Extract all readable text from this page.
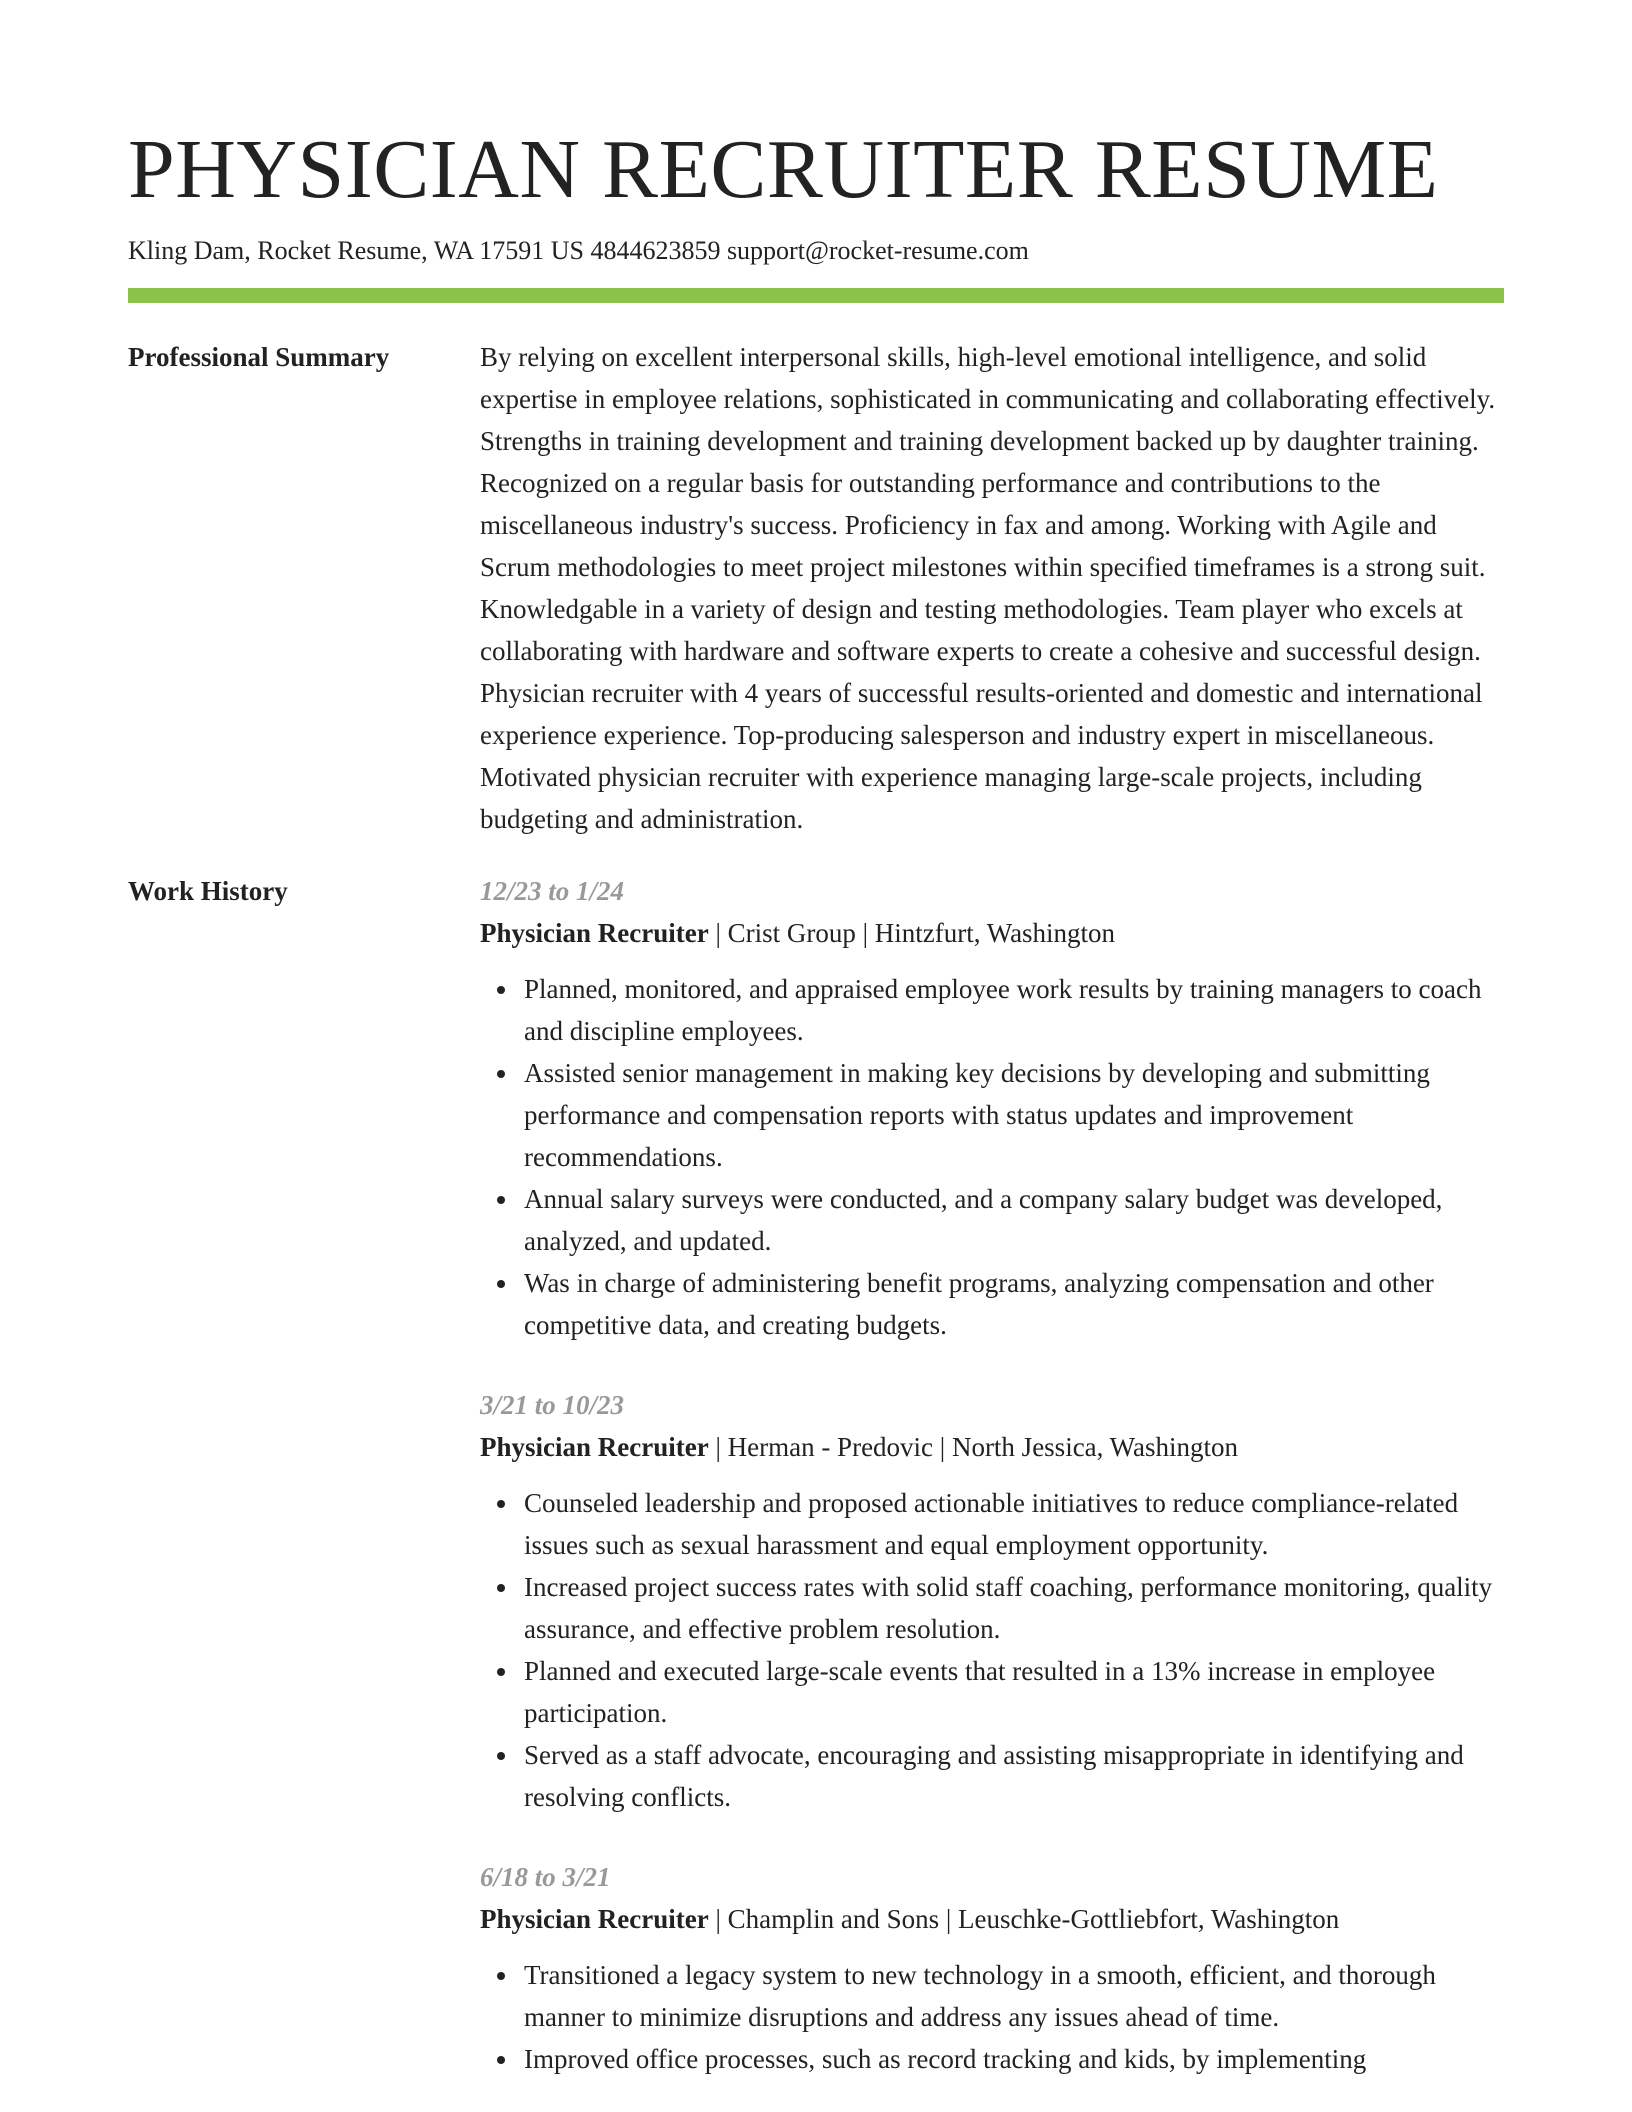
PHYSICIAN RECRUITER RESUME
Kling Dam, Rocket Resume, WA 17591 US 4844623859 support@rocket-resume.com
Professional Summary	By relying on excellent interpersonal skills, high-level emotional intelligence, and solid expertise in employee relations, sophisticated in communicating and collaborating effectively. Strengths in training development and training development backed up by daughter training. Recognized on a regular basis for outstanding performance and contributions to the miscellaneous industry's success. Proficiency in fax and among. Working with Agile and Scrum methodologies to meet project milestones within specified timeframes is a strong suit. Knowledgable in a variety of design and testing methodologies. Team player who excels at collaborating with hardware and software experts to create a cohesive and successful design. Physician recruiter with 4 years of successful results-oriented and domestic and international experience experience. Top-producing salesperson and industry expert in miscellaneous. Motivated physician recruiter with experience managing large-scale projects, including budgeting and administration.
Work History	12/23 to 1/24
Physician Recruiter | Crist Group | Hintzfurt, Washington
Planned, monitored, and appraised employee work results by training managers to coach and discipline employees.
Assisted senior management in making key decisions by developing and submitting performance and compensation reports with status updates and improvement recommendations.
Annual salary surveys were conducted, and a company salary budget was developed, analyzed, and updated.
Was in charge of administering benefit programs, analyzing compensation and other competitive data, and creating budgets.
3/21 to 10/23
Physician Recruiter | Herman - Predovic | North Jessica, Washington
Counseled leadership and proposed actionable initiatives to reduce compliance-related issues such as sexual harassment and equal employment opportunity.
Increased project success rates with solid staff coaching, performance monitoring, quality assurance, and effective problem resolution.
Planned and executed large-scale events that resulted in a 13% increase in employee participation.
Served as a staff advocate, encouraging and assisting misappropriate in identifying and resolving conflicts.
6/18 to 3/21
Physician Recruiter | Champlin and Sons | Leuschke-Gottliebfort, Washington
Transitioned a legacy system to new technology in a smooth, efficient, and thorough manner to minimize disruptions and address any issues ahead of time.
Improved office processes, such as record tracking and kids, by implementing
